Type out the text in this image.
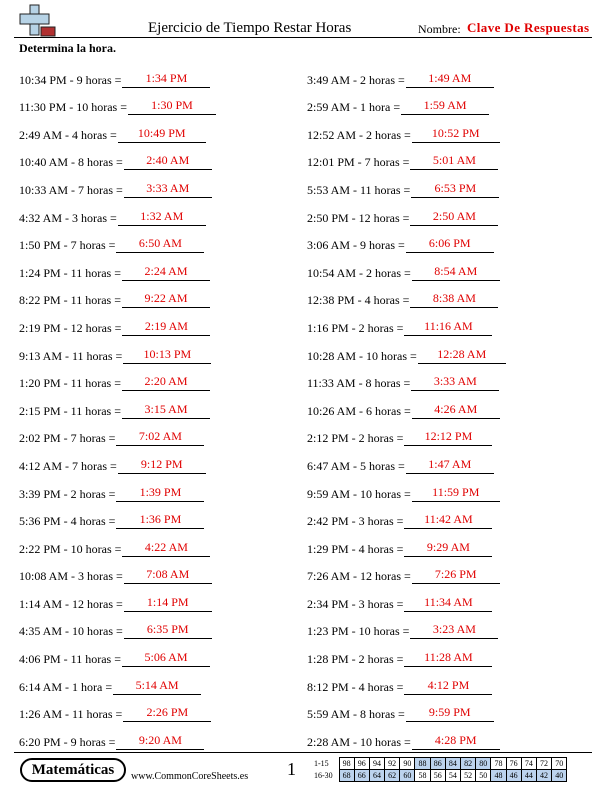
Ejercicio de Tiempo Restar Horas	Nombre: Clave De Respuestas
Determina la hora.
10:34 PM - 9 horas =	1:34 PM
11:30 PM - 10 horas =	1:30 PM
2:49 AM - 4 horas =	10:49 PM
10:40 AM - 8 horas =	2:40 AM
10:33 AM - 7 horas =	3:33 AM
4:32 AM - 3 horas =	1:32 AM
1:50 PM - 7 horas =	6:50 AM
1:24 PM - 11 horas =	2:24 AM
8:22 PM - 11 horas =	9:22 AM
2:19 PM - 12 horas =	2:19 AM
9:13 AM - 11 horas =	10:13 PM
1:20 PM - 11 horas =	2:20 AM
2:15 PM - 11 horas =	3:15 AM
2:02 PM - 7 horas =	7:02 AM
4:12 AM - 7 horas =	9:12 PM
3:39 PM - 2 horas =	1:39 PM
5:36 PM - 4 horas =	1:36 PM
2:22 PM - 10 horas =	4:22 AM
10:08 AM - 3 horas =	7:08 AM
1:14 AM - 12 horas =	1:14 PM
4:35 AM - 10 horas =	6:35 PM
4:06 PM - 11 horas =	5:06 AM
6:14 AM - 1 hora =	5:14 AM
1:26 AM - 11 horas =	2:26 PM
6:20 PM - 9 horas =	9:20 AM
3:49 AM - 2 horas =	1:49 AM
2:59 AM - 1 hora =	1:59 AM
12:52 AM - 2 horas =	10:52 PM
12:01 PM - 7 horas =	5:01 AM
5:53 AM - 11 horas =	6:53 PM
2:50 PM - 12 horas =	2:50 AM
3:06 AM - 9 horas =	6:06 PM
10:54 AM - 2 horas =	8:54 AM
12:38 PM - 4 horas =	8:38 AM
1:16 PM - 2 horas =	11:16 AM
10:28 AM - 10 horas =	12:28 AM
11:33 AM - 8 horas =	3:33 AM
10:26 AM - 6 horas =	4:26 AM
2:12 PM - 2 horas =	12:12 PM
6:47 AM - 5 horas =	1:47 AM
9:59 AM - 10 horas =	11:59 PM
2:42 PM - 3 horas =	11:42 AM
1:29 PM - 4 horas =	9:29 AM
7:26 AM - 12 horas =	7:26 PM
2:34 PM - 3 horas =	11:34 AM
1:23 PM - 10 horas =	3:23 AM
1:28 PM - 2 horas =	11:28 AM
8:12 PM - 4 horas =	4:12 PM
5:59 AM - 8 horas =	9:59 PM
2:28 AM - 10 horas =	4:28 PM
Matemáticas	www.CommonCoreSheets.es 1 1-15	98	96	94	92	90	88	86	84	82	80	78	76	74	72	70
16-30	68	66	64	62	60	58	56	54	52	50	48	46	44	42	40
